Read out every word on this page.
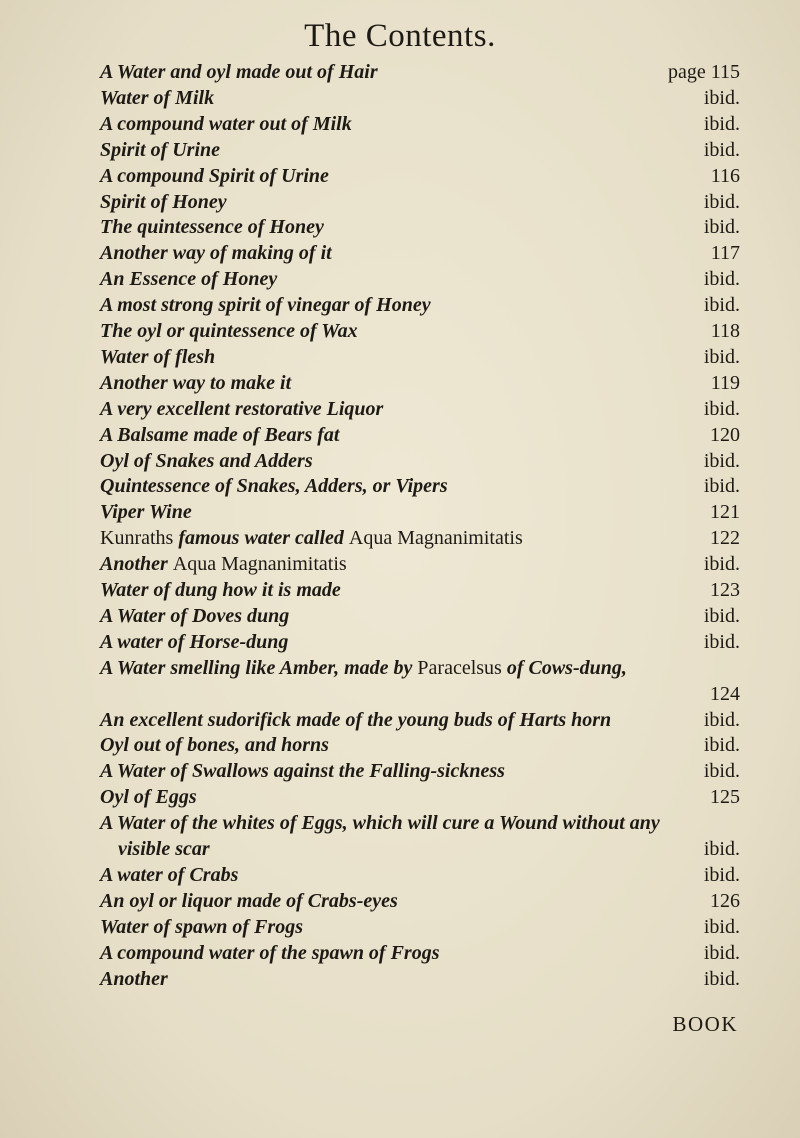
The Contents.
A Water and oyl made out of Hair	page 115
Water of Milk	ibid.
A compound water out of Milk	ibid.
Spirit of Urine	ibid.
A compound Spirit of Urine	116
Spirit of Honey	ibid.
The quintessence of Honey	ibid.
Another way of making of it	117
An Essence of Honey	ibid.
A most strong spirit of vinegar of Honey	ibid.
The oyl or quintessence of Wax	118
Water of flesh	ibid.
Another way to make it	119
A very excellent restorative Liquor	ibid.
A Balsame made of Bears fat	120
Oyl of Snakes and Adders	ibid.
Quintessence of Snakes, Adders, or Vipers	ibid.
Viper Wine	121
Kunraths famous water called Aqua Magnanimitatis	122
Another Aqua Magnanimitatis	ibid.
Water of dung how it is made	123
A Water of Doves dung	ibid.
A water of Horse-dung	ibid.
A Water smelling like Amber, made by Paracelsus of Cows-dung,
124
An excellent sudorifick made of the young buds of Harts horn	ibid.
Oyl out of bones, and horns	ibid.
A Water of Swallows against the Falling-sickness	ibid.
Oyl of Eggs	125
A Water of the whites of Eggs, which will cure a Wound without any
visible scar	ibid.
A water of Crabs	ibid.
An oyl or liquor made of Crabs-eyes	126
Water of spawn of Frogs	ibid.
A compound water of the spawn of Frogs	ibid.
Another	ibid.
BOOK
